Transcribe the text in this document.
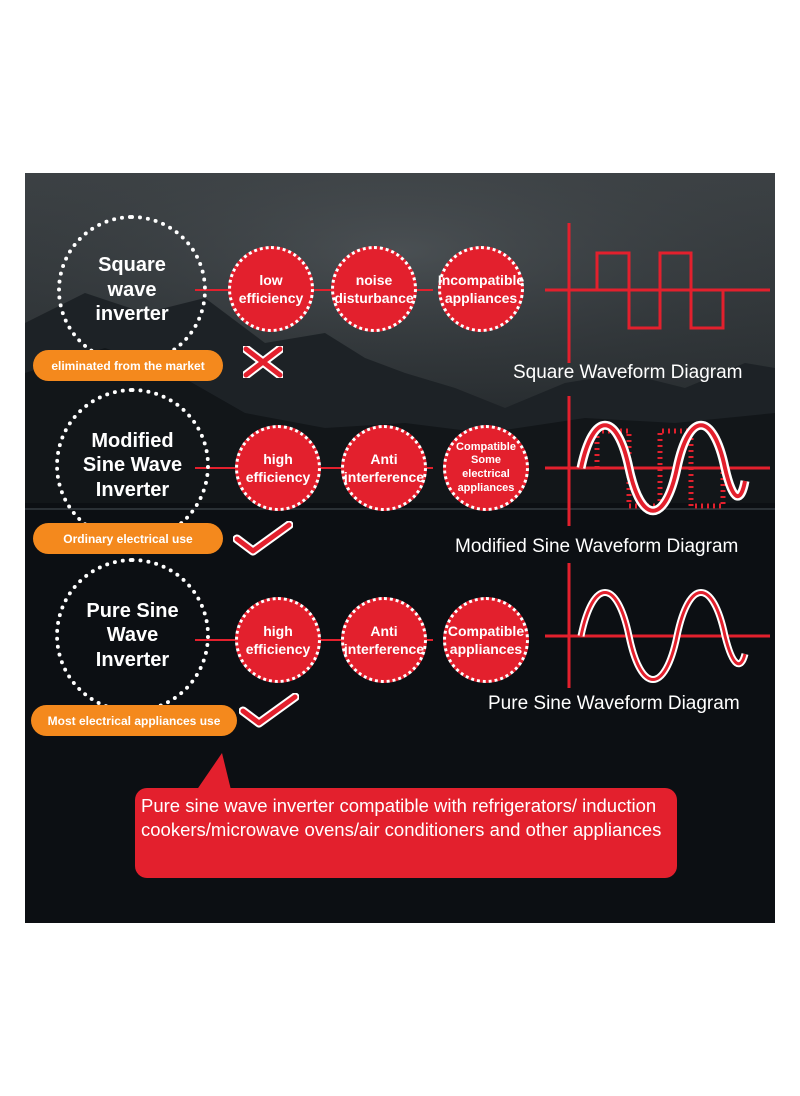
Square
wave
inverter
low
efficiency
noise
disturbance
Incompatible
appliances
eliminated from the market
Modified
Sine Wave
Inverter
high
efficiency
Anti
interference
Compatible
Some electrical
appliances
Ordinary electrical use
Pure Sine
Wave
Inverter
high
efficiency
Anti
interference
Compatible
appliances
Most electrical appliances use
Square Waveform Diagram
Modified Sine Waveform Diagram
Pure Sine Waveform Diagram
Pure sine wave inverter compatible with refrigerators/ induction cookers/microwave ovens/air conditioners and other appliances
